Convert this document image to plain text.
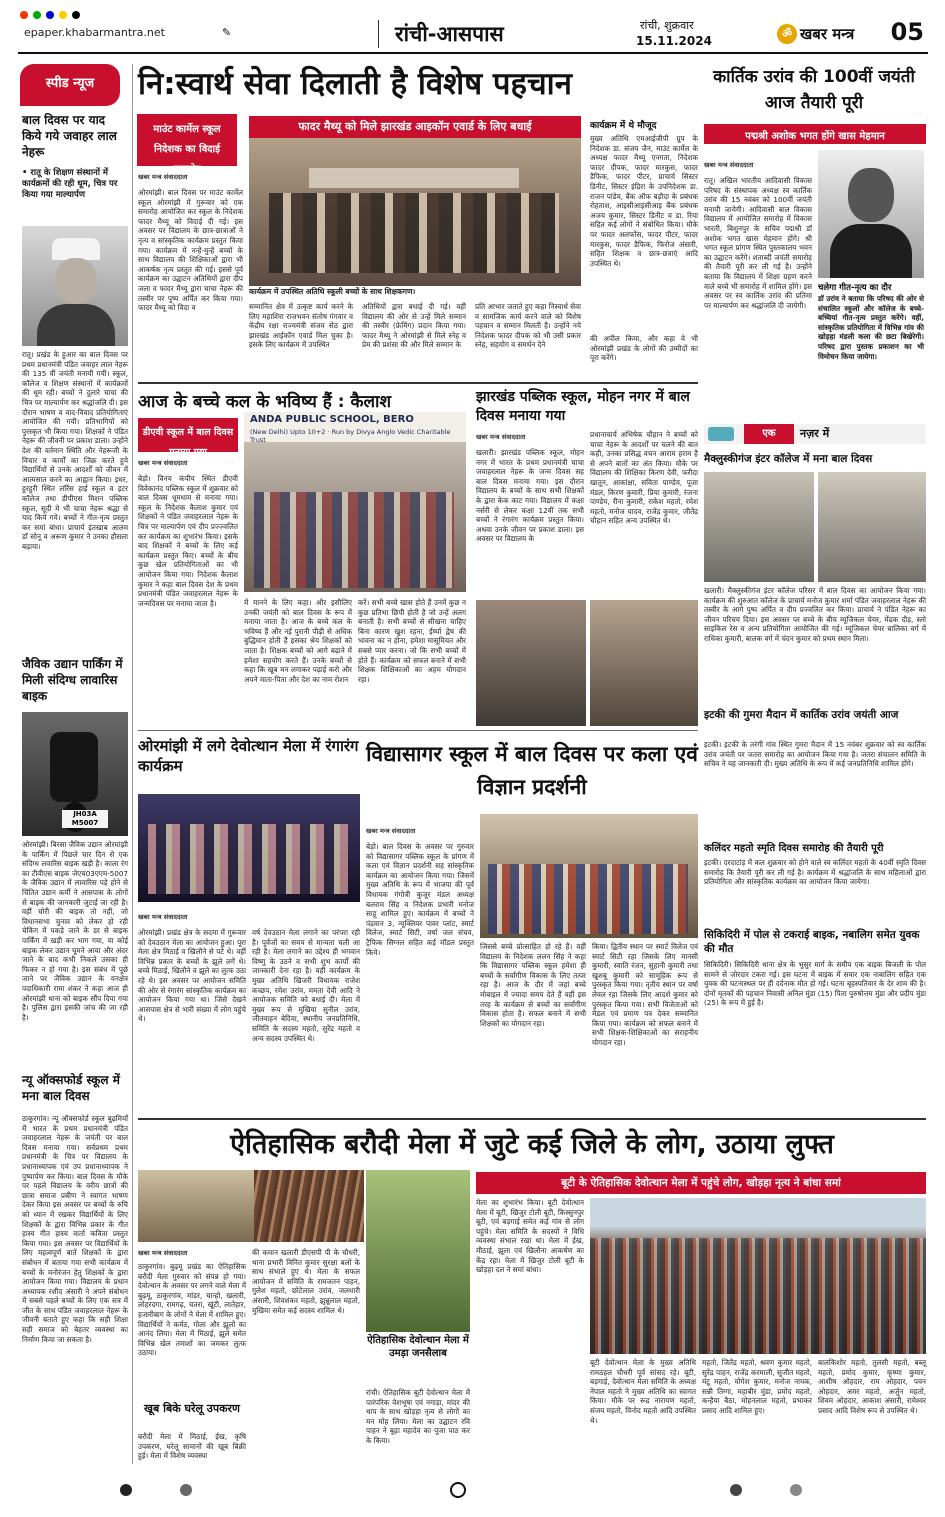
epaper.khabarmantra.net	✎	रांची-आसपास	रांची, शुक्रवार
15.11.2024
ॐ खबर मन्त्र	05
स्पीड न्यूज
बाल दिवस पर याद किये गये जवाहर लाल नेहरू
• रातू के शिक्षण संस्थानों में कार्यक्रमों की रही धूम, चित्र पर किया गया माल्यार्पण
रातू। प्रखंड के हुआर का बाल दिवस पर प्रथम प्रधानमंत्री पंडित जवाहर लाल नेहरू की 135 वीं जयंती मनायी गयी। स्कूल, कॉलेज व शिक्षण संस्थानों में कार्यक्रमों की धूम रही। बच्चों ने दुलारे चाचा की चित्र पर माल्यार्पण कर श्रद्धांजलि दी। इस दौरान भाषण व वाद-विवाद प्रतियोगिताएं आयोजित की गयी। प्रतिभागियों को पुरस्कृत भी किया गया। शिक्षकों ने पंडित नेहरू की जीवनी पर प्रकाश डाला। उन्होंने देश की वर्तमान स्थिति और नेहरूजी के विचार व कार्यों का जिक्र करते हुये विद्यार्थियों से उनके आदर्शों को जीवन में आत्मसात करने का आह्वान किया। इधर, हुरहुरी स्थित लॉरेंस हाई स्कूल व इटर कॉलेज तथा डीपीएस मिशन पब्लिक स्कूल, सूदी मे भी चाचा नेहरू श्रद्धा से याद किये गये। बच्चों ने गीत-नृत्य प्रस्तुत कर समां बांधा। प्राचार्य इंतखाब आलम डाॅ सोनू व अरूण कुमार ने उनका हौसला बढ़ाया।
जैविक उद्यान पार्किंग में मिली संदिग्ध लावारिस बाइक
JH03A M5007
ओरमांझी। बिरसा जैविक उद्यान ओरमांझी के पार्किंग में पिछले चार दिन से एक संदिग्ध लवारिस बाइक खड़ी है। काला रंग का टीवीएस बाइक जेएच03एएम-5007 के जैविक उद्यान में लावारिस पड़े होने से चिंतित उद्यान कर्मी ने आसपास के लोगों से बाइक की जानकारी जुटाई जा रही है। वहीं चोरी की बाइक तो नहीं, जो विधानसभा चुनाव को लेकर हो रही चेकिंग में पकड़े जाने के डर से बाइक पार्किंग में खड़ी कर भाग गया, या कोई बाइक लेकर उद्यान घूमने आया और अंदर जाने के बाद कभी निकले उसका ही फिकर न हो गया है। इस संबंध में पूछे जाने पर जैविक उद्यान के वनक्षेत्र पदाधिकारी रामा शंकर ने कहा आज ही ओरमांझी थाना को बाइक सौंप दिया गया है। पुलिस द्वारा इसकी जांच की जा रही है।
न्यू ऑक्सफोर्ड स्कूल में मना बाल दिवस
ठाकुरगांव। न्यू ऑक्सफोर्ड स्कूल बुढ़मियाँ में भारत के प्रथम प्रधानमंत्री पंडित जवाहरलाल नेहरू के जयंती पर बाल दिवस मनाया गया। सर्वप्रथम प्रथम प्रधानमंत्री के चित्र पर विद्यालय के प्रधानाध्यापक एवं उप प्रधानाध्यापक ने पुष्पार्पण कर किया। बाल दिवस के मौके पर पहले विद्यालय के वरीय छात्रों की छात्रा समाज प्रबीण ने स्वागत भाषण देकर किया इस अवसर पर बच्चों के रुचि को ध्यान में रखकर विद्यार्थियों के लिए शिक्षकों के द्वारा विभिन्न प्रकार के गीत हास्य गीत हास्य वार्ता कविता प्रस्तुत किया गया। इस अवसर पर विद्यार्थियों के लिए महत्वपूर्ण बातें शिक्षकों के द्वारा संबोधन में बताया गया सभी कार्यक्रम में बच्चों के मनोरंजन हेतु शिक्षकों के द्वारा आयोजन किया गया। विद्यालय के प्रधान अध्यापक रशीद अंसारी ने अपने संबोधन में सबसे पहले बच्चों के लिए एक सत्र में जीत के साथ पंडित जवाहरलाल नेहरू के जीवनी बताते हुए कहा कि सही शिक्षा सही समाज को बेहतर व्यवस्था का निर्माण किया जा सकता है।
नि:स्वार्थ सेवा दिलाती है विशेष पहचान
माउंट कार्मेल स्कूल निदेशक का विदाई समारोह
फादर मैथ्यू को मिले झारखंड आइकॉन एवार्ड के लिए बधाई
कार्यक्रम में उपस्थित अतिथि स्कूली बच्चों के साथ शिक्षकगण।
खबर मन्त्र संवाददाता
ओरमांझी। बाल दिवस पर माउंट कार्मेल स्कूल ओरमांझी में गुरूवार को एक समारोह आयोजित कर स्कूल के निदेशक फादर मैथ्यू को विदाई दी गई। इस अवसर पर विद्यालय के छात्र-छात्राओं ने नृत्य व सांस्कृतिक कार्यक्रम प्रस्तुत किया गया। कार्यक्रम में नन्हें-मुन्हें बच्चों के साथ विद्यालय की शिक्षिकाओं द्वारा भी आकर्षक नृत्य प्रस्तुत की गई। इससे पूर्व कार्यक्रम का उद्घाटन अतिथियों द्वारा दीप जला व फादर मैथ्यू द्वारा चाचा नेहरू की तस्वीर पर पुष्प अर्पित कर किया गया। फादर मैथ्यू को विदा व	सम्मानित क्षेत्र में उत्कृष्ट कार्य करने के लिए महाशिरा राजभवन संतोष गंगवार व केंद्रीय रक्षा राज्यमंत्री संजय सेठ द्वारा झारखंड आईकॉन एवार्ड मिल चुका है। इसके लिए कार्यक्रम में उपस्थित
अतिथियों द्वारा बधाई दी गई। वहीं विद्यालय की ओर से उन्हें मिले सम्मान की तस्वीर (फ्रेमिंग) प्रदान किया गया। फादर मैथ्यू ने ओरमांझी से मिले स्नेह व प्रेम की प्रशंसा की और मिले सम्मान के
प्रति आभार जताते हुए कहा निस्वार्थ सेवा व सामजिक कार्य करने वाले को विशेष पहचान व सम्मान मिलती है। उन्होंने नये निदेशक फादर दीपक को भी उसी प्रकार स्नेह, सहयोग व समर्थन देने
कार्यक्रम में थे मौजूद
मुख्य अतिथि एमआईजीपी ग्रुप के निदेशक डा. संजय जैन, माउंट कार्मेल के अध्यक्ष फादर मैथ्यू एनगता, निदेशक फादर दीपक, फादर मारकुस, फादर डैफिक, फादर पीटर, प्राचार्य सिस्टर डिनीट, सिस्टर इंद्रिरा के उपनिदेशक डा. राजन पांडेय, बैंक ऑफ बड़ौदा के प्रबंधक रोहताश, आइसीआइसीआइ बैंक प्रबंधक अजय कुमार, सिस्टर डिनीट व डा. रिया सहित कई लोगों ने संबोधित किया। मौके पर फादर अलफोंस, फादर पीटर, फादर मारकुस, फादर डैफिक, फिरोज अंसारी, सहित शिक्षक व छात्र-छत्राएं आदि उपस्थित थे।
की अपील किया, और कहा वे भी ओरमांझी प्रखंड के लोगों की उम्मीदों का पूरा करेंगे।
कार्तिक उरांव की 100वीं जयंती आज तैयारी पूरी
पद्मश्री अशोक भगत होंगे खास मेहमान
खबर मन्त्र संवाददाता
रातू। अखिल भारतीय आदिवासी विकास परिषद के संस्थापक अध्यक्ष स्व कार्तिक उरांव की 15 नवंबर को 100वीं जयंती मनायी जायेगी। आदिवासी बाल विकास विद्यालय में आयोजित समारोह में विकास भारती, बिशुनपुर के सचिव पद्मश्री डॉ अशोक भगत खास मेहमान होंगे। श्री भगत स्कूल प्रांगण स्थित पुस्तकालय भवन का उद्घाटन करेंगे। शताब्दी जयंती समारोह की तैयारी पूरी कर ली गई है। उन्होंने बताया कि विद्यालय में शिक्षा ग्रहण करने वाले बच्चे भी समारोह में शामिल होंगे। इस अवसर पर स्व कार्तिक उरांव की प्रतिमा पर माल्यार्पण कर श्रद्धांजलि दी जायेगी।
चलेगा गीत-नृत्य का दौर
डॉ उरांव ने बताया कि परिषद की ओर से संचालित स्कूलों और कॉलेज के बच्चे-बच्चियां गीत-नृत्य प्रस्तुत करेंगे। वहीं, सांस्कृतिक प्रतियोगिता में विभिन्न गांव की खोड़हा मंडली कला की छटा बिखेरेगी। परिषद द्वारा पुस्तक प्रकाशन का भी विमोचन किया जायेगा।
एक	नज़र में
मैक्लुस्कीगंज इंटर कॉलेज में मना बाल दिवस
खलारी। मैक्लुस्कीगंज इंटर कॉलेज परिसर में बाल दिवस का आयोजन किया गया। कार्यक्रम की शुरुआत कॉलेज के प्राचार्य मनोज कुमार शर्मा पंडित जवाहरलाल नेहरू की तस्वीर के आगे पुष्प अर्पित व दीप प्रज्वलित कर किया। प्राचार्य ने पंडित नेहरू का जीवन परिचय दिया। इस अवसर पर बच्चे के बीच म्यूजिकल चेयर, मेंढक दौड़, स्लो साइकिल रेस व अन्य प्रतियोगिता आयोजित की गई। म्यूजिकल चेयर बालिका वर्ग में राधिका कुमारी, बालक वर्ग में चंदन कुमार को प्रथम स्थान मिला।
इटकी की गुमरा मैदान में कार्तिक उरांव जयंती आज
इटकी। इटकी के तरंगी गांव स्थित गुमरा मैदान में 15 नवंबर शुक्रवार को स्व कार्तिक उरांव जयंती पर जतरा समारोह का आयोजन किया गया है। जतरा संचालन समिति के सचिव ने यह जानकारी दी। मुख्य अतिथि के रूप में कई जनप्रतिनिधि शामिल होंगे।
कलिंदर महतो स्मृति दिवस समारोह की तैयारी पूरी
इटकी। दरदाटांड़ में कल शुक्रवार को होने वाले स्व कलिंदर महतो के 40वीं स्मृति दिवस समारोह कि तैयारी पूरी कर ली गई है। कार्यक्रम में श्रद्धांजलि के साथ महिलाओं द्वारा प्रतियोगिता और सांस्कृतिक कार्यक्रम का आयोजन किया जायेगा।
सिकिदिरी में पोल से टकराई बाइक, नबालिग समेत युवक की मौत
सिकिदिरी। सिकिदिरी थाना क्षेत्र के भुसुर मार्ग के समीप एक बाइक बिजली के पोल सामने से जोरदार टकरा गई। इस घटना में बाइक में सवार एक नाबालिग सहित एक युवक की घटनास्थल पर ही दर्दनाक मौत हो गई। घटना बृहस्पतिवार के देर शाम की है। दोनों मृतकों की पहचान निवासी अनिल मुंडा (15) पिता पुरुषोत्तम मुंडा और प्रदीप मुंडा (25) के रूप में हुई है।
आज के बच्चे कल के भविष्य हैं : कैलाश
डीएवी स्कूल में बाल दिवस मनाया गया
ANDA PUBLIC SCHOOL, BERO
(New Delhi) Upto 10+2 · Run by Divya Anglo Vedic Charitable Trust
खबर मन्त्र संवाददाता
बेड़ो। विनय कंपीय स्थित डीएवी विवेकानंद पब्लिक स्कूल में शुक्रवार को बाल दिवस धूमधाम से मनाया गया। स्कूल के निदेशक कैलाश कुमार एवं शिक्षकों ने पंडित जवाहरलाल नेहरू के चित्र पर माल्यार्पण एवं दीप प्रज्ज्वलित कर कार्यक्रम का शुभारंभ किया। इसके बाद शिक्षकों ने बच्चों के लिए कई कार्यक्रम प्रस्तुत किए। बच्चों के बीच कुछ खेल प्रतियोगिताओं का भी आयोजन किया गया। निदेशक कैलाश कुमार ने कहा बाल दिवस देश के प्रथम प्रधानमंत्री पंडित जवाहरलाल नेहरू के जन्मदिवस पर मनाया जाता है।	में मानने के लिए कहा। और इसीलिए उनकी जयंती को बाल दिवस के रूप में मनाया जाता है। आज के बच्चे कल के भविष्य हैं और नई पुरानी पीढ़ी से अधिक बुद्धिमान होती हैं इसका श्रेय शिक्षकों को जाता है। शिक्षक बच्चों को आगे बढ़ाने में हमेशा सहयोग करते हैं। उनके बच्चों से कहा कि खूब मन लगाकर पढ़ाई करो और अपने माता-पिता और देश का नाम रोशन
करें। सभी बच्चे खास होते हैं उनमें कुछ न कुछ प्रतिभा छिपी होती है जो उन्हें अलग बनाती है। सभी बच्चों से सीखना चाहिए बिना कारण खुश रहना, ईर्ष्या द्वेष की भावना का न होना, हमेशा मासूमियत और सबसे प्यार करना। जो कि सभी बच्चों में होते हैं। कार्यक्रम को सफल बनाने में सभी शिक्षक शिक्षिकाओं का अहम योगदान रहा।
झारखंड पब्लिक स्कूल, मोहन नगर में बाल दिवस मनाया गया
खबर मन्त्र संवाददाता
खलारी। झारखंड पब्लिक स्कूल, मोहन नगर में भारत के प्रथम प्रधानमंत्री चाचा जवाहरलाल नेहरू के जन्म दिवस सह बाल दिवस मनाया गया। इस दौरान विद्यालय के बच्चों के साथ सभी शिक्षकों के द्वारा केक काट गया। विद्यालय में कक्षा नर्सरी से लेकर कक्षा 12वीं तक सभी बच्चों ने रंगारंग कार्यक्रम प्रस्तुत किया। अथवा उनके जीवन पर प्रकाश डाला। इस अवसर पर विद्यालय के
प्रधानाचार्य अभिषेक चौहान ने बच्चों को चाचा नेहरू के आदर्शों पर चलने की बात कही, उनका प्रसिद्ध वचन आराम हराम है से अपने बातों का अंत किया। मौके पर विद्यालय की शिक्षिका किरण देवी, फरीदा खातून, आकांक्षा, सविता पाण्डेय, पूजा मंडल, किरण कुमारी, प्रिया कुमारी, रंजना पाण्डेय, रीना कुमारी, राकेश महतो, रमेश महतो, मनोज यादव, राजेंद्र कुमार, जीतेंद्र चौहान सहित अन्य उपस्थित थे।
ओरमांझी में लगे देवोत्थान मेला में रंगारंग कार्यक्रम
खबर मन्त्र संवाददाता
ओरमांझी। प्रखंड क्षेत्र के सदमा में गुरूवार को देवउठान मेला का आयोजन हुआ। पूरा मेला क्षेत्र मिठाई व खिलौने से पटे थे। वहीं विभिन्न प्रकार के बच्चों के झूले लगें थे। बच्चे मिठाई, खिलौने व झूले का लुत्फ उठा रहे थे। इस अवसर पर आयोजन समिति की ओर से रंगारंग सांस्कृतिक कार्यक्रम का आयोजन किया गया था। जिसे देखने आसपास क्षेत्र से भारी संख्या में लोग पहुंचे थे।
वर्ष देवउठान मेला लगाने का परंपरा रही है। पूर्वजों का समय से मान्यता चली आ रही है। मेला लगाने का उद्देश्य ही भगवान विष्णु के उठने व सभी शुभ कार्यों की जानकारी देना रहा है। वहीं कार्यक्रम के मुख्य अतिथि खिजरी विधायक राजेश कच्छप, रमेश उरांव, ममता देवी आदि ने आयोजक समिति को बधाई दी। मेला में मुख्य रूप से मुखिया सुनील उरांव, जीतवाहन बेदिया, स्थानीय जनप्रतिनिधि, समिति के सदस्य महतो, सुरेंद्र महतो व अन्य सदस्य उपस्थित थे।
विद्यासागर स्कूल में बाल दिवस पर कला एवं विज्ञान प्रदर्शनी
खबर मन्त्र संवाददाता
बेड़ो। बाल दिवस के अवसर पर गुरुवार को विद्यासागर पब्लिक स्कूल के प्रांगण में कला एवं विज्ञान प्रदर्शनी सह सांस्कृतिक कार्यक्रम का आयोजन किया गया। जिसमें मुख्य अतिथि के रूप में भाजपा की पूर्व विधायक गंगोत्री कुजूर मंडल अध्यक्ष बलराम सिंह व निदेशक प्रभारी मनोज साहू शामिल हुए। कार्यक्रम में बच्चों ने पंद्रवान 3, न्यूक्लियर पावर प्लांट, स्मार्ट विलेज, स्मार्ट सिटी, वर्षा जल संचय, ट्रैफिक सिग्नल सहित कई मॉडल प्रस्तुत किये।
जिससे बच्चे प्रोत्साहित हो रहे हैं। वहीं विद्यालय के निदेशक ललन सिंह ने कहा कि विद्यासागर पब्लिक स्कूल हमेशा ही बच्चों के सर्वांगीण विकास के लिए तत्पर रहा है। आज के दौर में जहां बच्चे मोबाइल में ज्यादा समय देते हैं वहीं इस तरह के कार्यक्रम से बच्चों का सर्वांगीण विकास होता है। सफल बनाने में सभी शिक्षकों का योगदान रहा।
किया। द्वितीय स्थान पर स्मार्ट विलेज एवं स्मार्ट सिटी रहा जिसके लिए मानसी कुमारी, स्वाति रंजन, सुहानी कुमारी तथा खुशबू कुमारी को सामूहिक रूप से पुरस्कृत किया गया। तृतीय स्थान पर वर्षा लेवल रहा जिसके लिए आदर्श कुमार को पुरस्कृत किया गया। सभी विजेताओं को मेडल एवं प्रमाण पत्र देकर सम्मानित किया गया। कार्यक्रम को सफल बनाने में सभी शिक्षक-शिक्षिकाओं का सराहनीय योगदान रहा।
ऐतिहासिक बरौदी मेला में जुटे कई जिले के लोग, उठाया लुफ्त
खबर मन्त्र संवाददाता
ठाकुरगांव। बुढ़मू प्रखंड का ऐतिहासिक बरौदी मेला गुरुवार को संपन्न हो गया। देवोत्थान के अवसर पर लगने वाले मेला में बुढ़मू, ठाकुरगांव, मांडर, चान्हो, खलारी, लोहरदगा, रामगढ़, चतरा, खूंटी, लातेहार, हजारीबाग के लोगों ने मेला में शामिल हुए। विद्यार्थियों ने कर्मठ, गोला और झूलों का आनंद लिया। मेला में मिठाई, झूले समेत विभिन्न खेल तमाशों का जमकर लुत्फ उठाया।
खूब बिके घरेलू उपकरण
बरौदी मेला में मिठाई, ईख, कृषि उपकरण, घरेलू सामानों की खूब बिक्री हुई। मेला में विशेष व्यवस्था
की कमान खलारी डीएसपी पी के चौधरी, थाना प्रभारी विनित कुमार सुरक्षा बलों के साथ संभाले हुए थे। मेला के सफल आयोजन में समिति के रामजतन पाहन, गुलेश महतो, छोटेलाल उरांव, जलधारी अंसारी, शिवशंकर महतो, झुन्नूलाल महतो, मुखिया समेत कई सदस्य शामिल थे।
ऐतिहासिक देवोत्थान मेला में उमड़ा जनसैलाब
रांची। ऐतिहासिक बूटी देवोत्थान मेला में पारंपरिक वेशभूषा एवं नगाड़ा, मांदर की थाप के साथ खोड़हा नृत्य से लोगों का मन मोह लिया। मेला का उद्घाटन रवि पाहन ने बूढ़ा महादेव का पूजा पाठ कर के किया।
बूटी के ऐतिहासिक देवोत्थान मेला में पहुंचे लोग, खोड़हा नृत्य ने बांधा समां
मेला का शुभारंभ किया। बूटी देवोत्थान मेला में बूटी, खिजुर टोली बूटी, किस्सुनपुर बूटी, एवं बड़गाई समेत कई गांव से लोग पहुंचे। मेला समिति के सदस्यों ने विधि व्यवस्था संभाल रखा था। मेला में ईख, मीठाई, झूला एवं खिलौना आकर्षण का केंद्र रहा। मेला में खिजुर टोली बूटी के खोड़हा दल ने समां बांधा।
बूटी देवोत्थान मेला के मुख्य अतिथि रामठहल चौधरी पूर्व सांसद रहे। बूटी, बड़गाई, देवोत्थान मेला समिति के अध्यक्ष नेपाल महतो ने मुख्य अतिथि का स्वागत किया। मौके पर रूद्र नारायण महतो, संजय महतो, विनोद महतो आदि उपस्थित थे।
महतो, जितेंद्र महतो, श्रवण कुमार महतो, सुरेंद्र पाहन, राजेंद्र करमाली, सुजीत महतो, मंटू महतो, योगेश कुमार, मनोज नायक, सन्नी तिग्गा, महाबीर मुंडा, प्रमोद महतो, कन्हैया बैठा, मोहनलाल महतो, प्रभाकर प्रसाद आदि शामिल हुए।
बालकिशोर महतो, तुलसी महतो, बब्लू महतो, प्रमोद कुमार, कृष्णा कुमार, आशीष ओहदार, राम ओहदार, पवन ओहदार, अमर महतो, अर्जुन महतो, शिवम ओहदार, आकाश अंसारी, रामेश्वर प्रसाद आदि विशेष रूप से उपस्थित थे।
